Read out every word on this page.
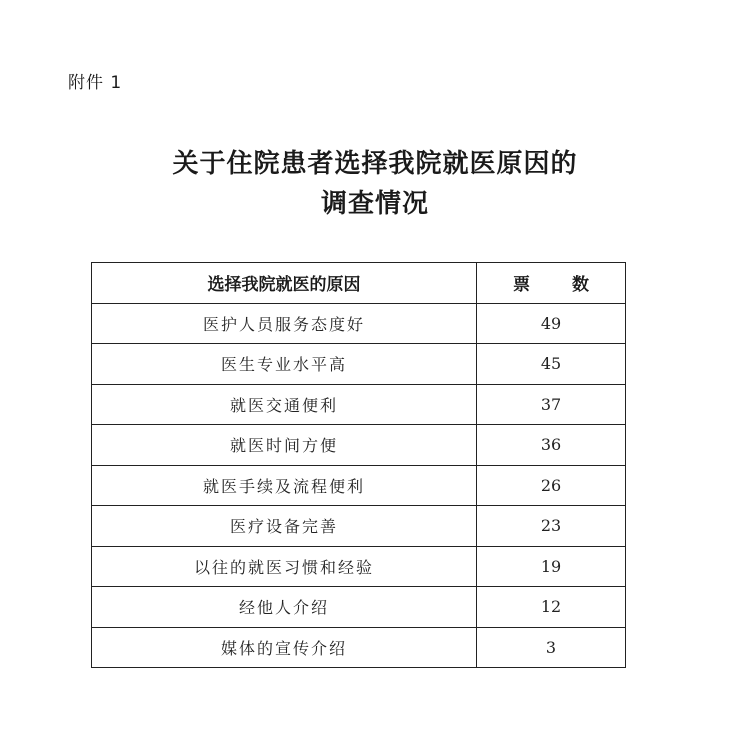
附件 1
关于住院患者选择我院就医原因的
调查情况
选择我院就医的原因	票 数
医护人员服务态度好	49
医生专业水平高	45
就医交通便利	37
就医时间方便	36
就医手续及流程便利	26
医疗设备完善	23
以往的就医习惯和经验	19
经他人介绍	12
媒体的宣传介绍	3
